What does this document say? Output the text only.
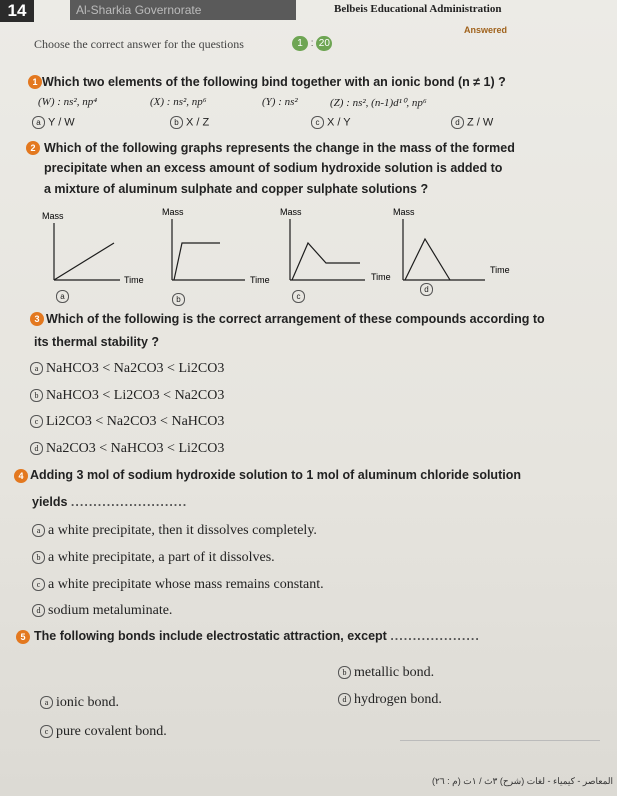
14	Al-Sharkia Governorate	Belbeis Educational Administration
Answered
Choose the correct answer for the questions	1 : 20
1 Which two elements of the following bind together with an ionic bond (n ≠ 1) ?
(W) : ns², np⁴	(X) : ns², np⁶	(Y) : ns²	(Z) : ns², (n-1)d¹⁰, np⁶
a Y / W	b X / Z	c X / Y	d Z / W
2 Which of the following graphs represents the change in the mass of the formed
precipitate when an excess amount of sodium hydroxide solution is added to
a mixture of aluminum sulphate and copper sulphate solutions ?
Mass
Time
Mass
Time
Mass
Time
Mass
Time
a	b	c
d
3 Which of the following is the correct arrangement of these compounds according to
its thermal stability ?
a NaHCO3 < Na2CO3 < Li2CO3
b NaHCO3 < Li2CO3 < Na2CO3
c Li2CO3 < Na2CO3 < NaHCO3
d Na2CO3 < NaHCO3 < Li2CO3
4 Adding 3 mol of sodium hydroxide solution to 1 mol of aluminum chloride solution
yields ..........................
a a white precipitate, then it dissolves completely.
b a white precipitate, a part of it dissolves.
c a white precipitate whose mass remains constant.
d sodium metaluminate.
5 The following bonds include electrostatic attraction, except ....................
b metallic bond.
a ionic bond.	d hydrogen bond.
c pure covalent bond.
المعاصر - كيمياء - لغات (شرح) ٣ث / ١ت (م : ٢٦)
